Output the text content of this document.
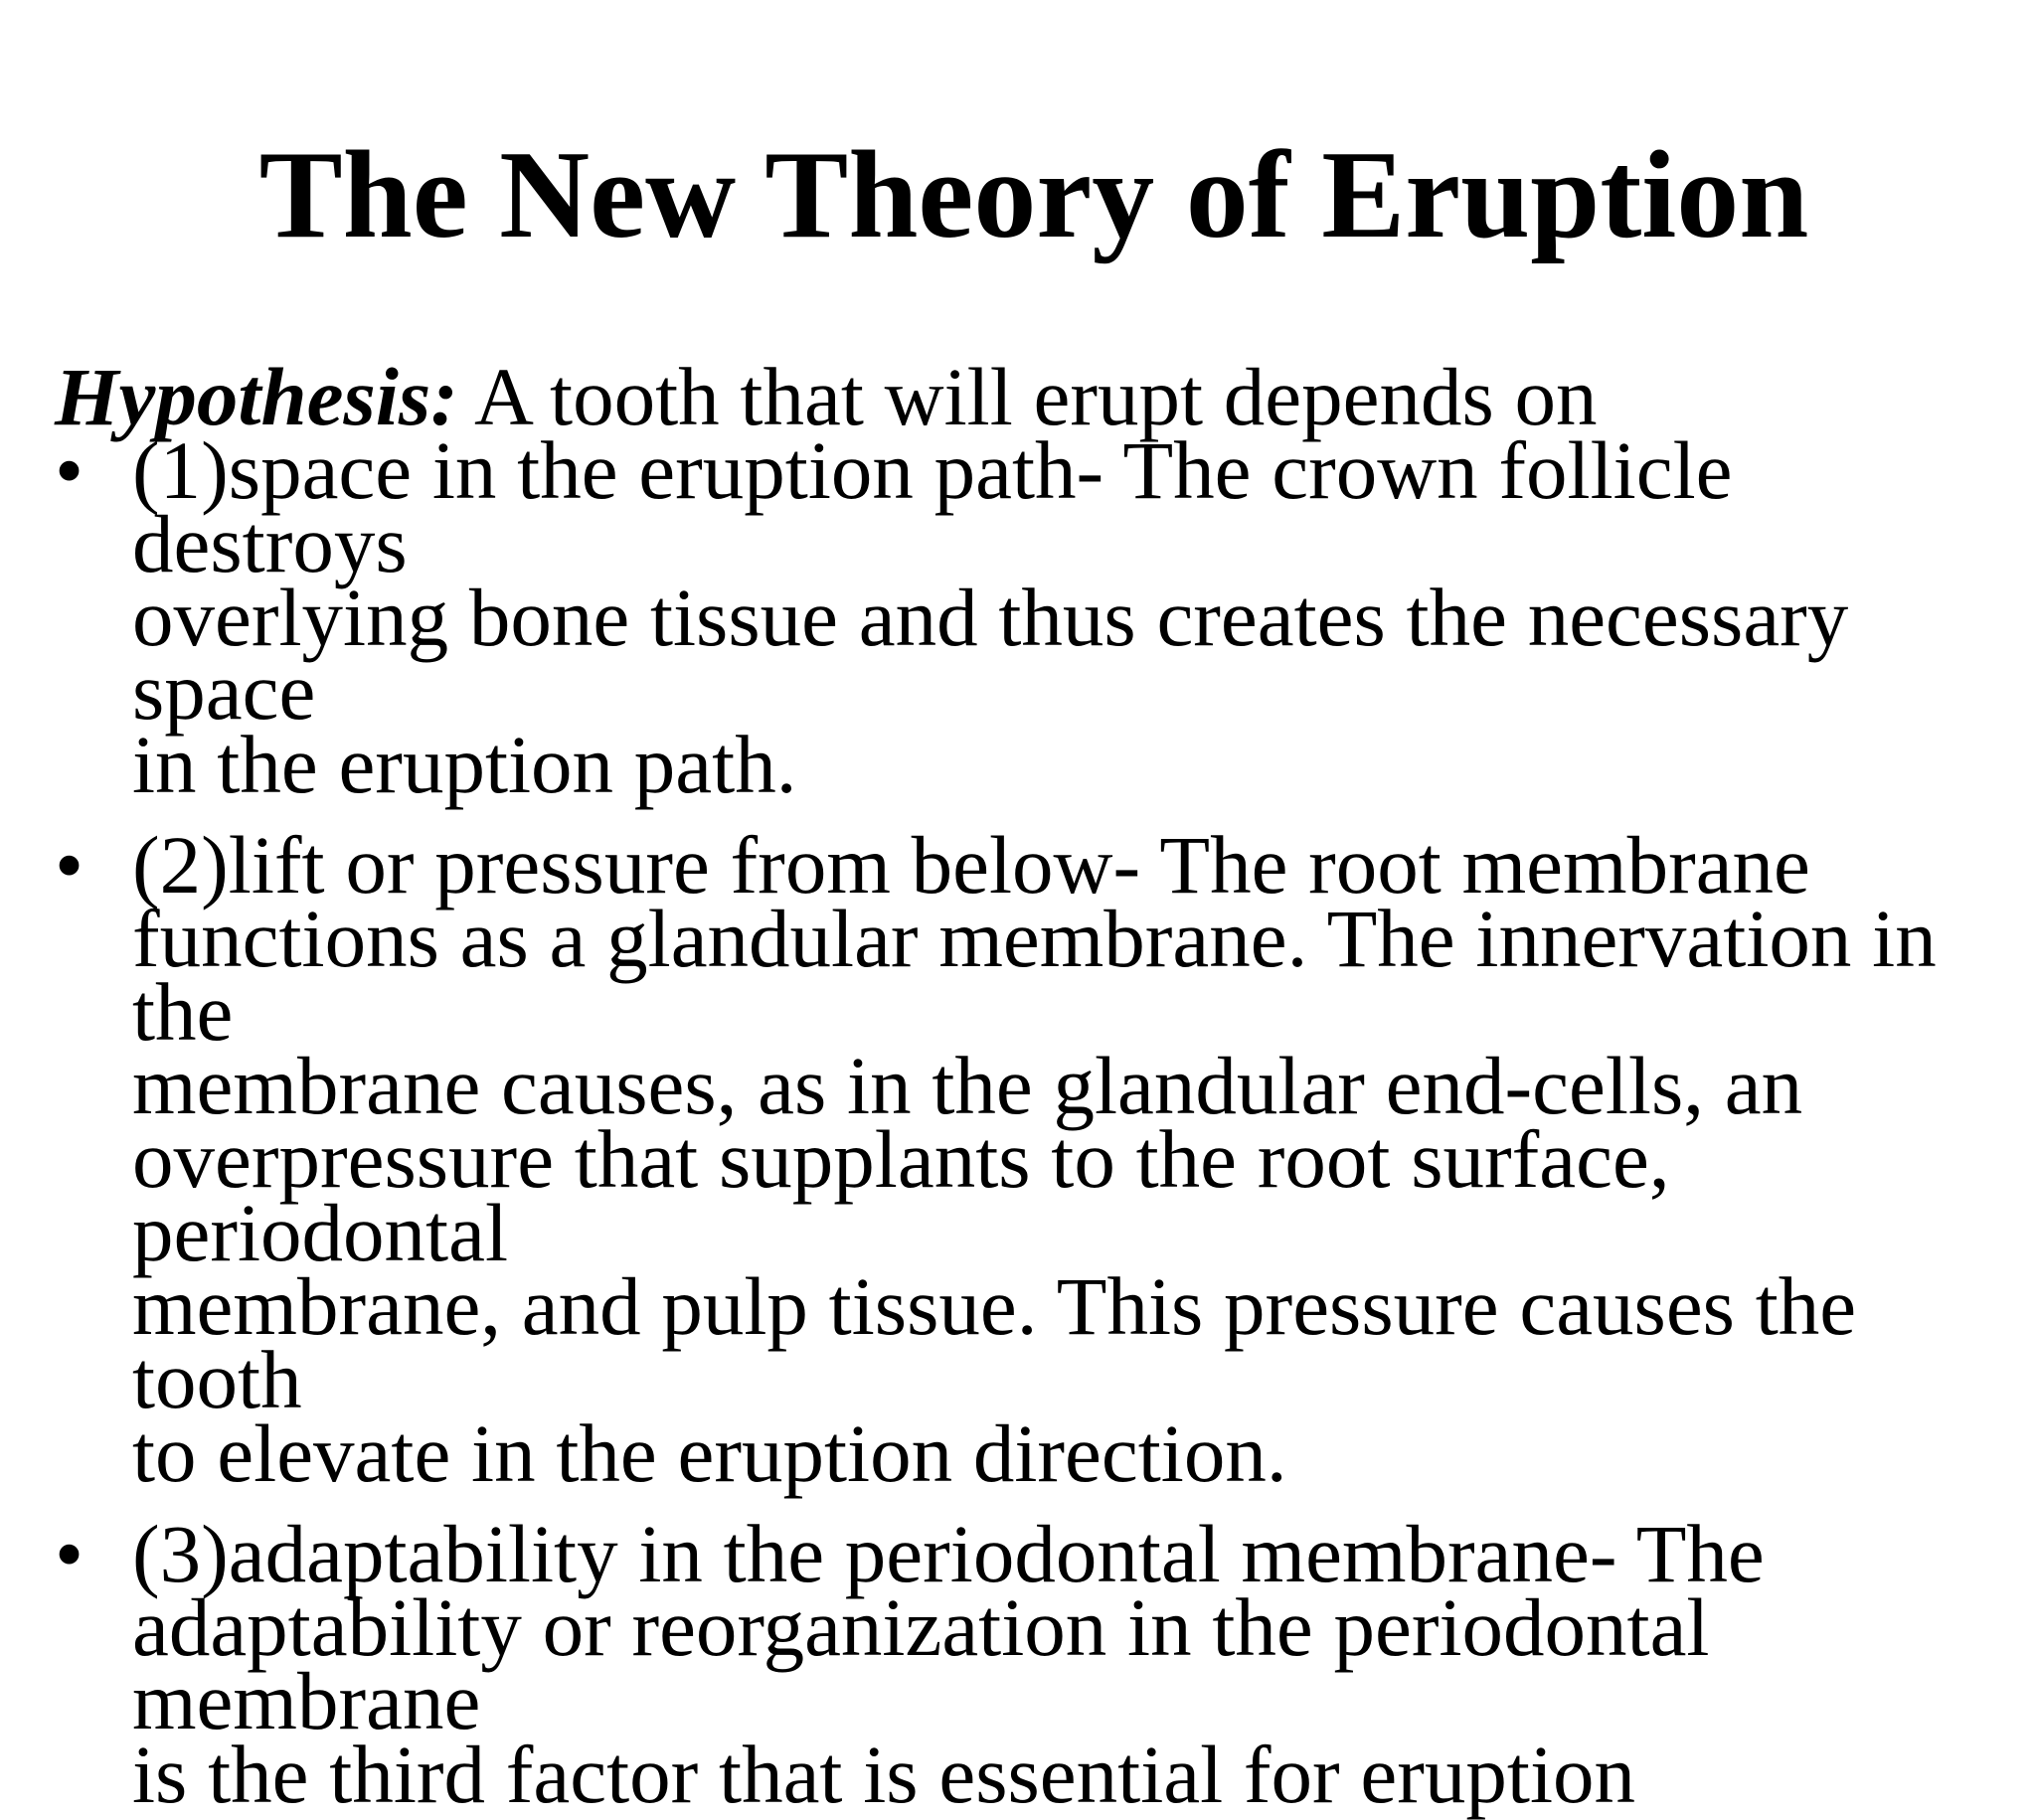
The New Theory of Eruption

Hypothesis: A tooth that will erupt depends on

• (1)space in the eruption path- The crown follicle destroys
overlying bone tissue and thus creates the necessary space
in the eruption path.
• (2)lift or pressure from below- The root membrane
functions as a glandular membrane. The innervation in the
membrane causes, as in the glandular end-cells, an
overpressure that supplants to the root surface, periodontal
membrane, and pulp tissue. This pressure causes the tooth
to elevate in the eruption direction.
• (3)adaptability in the periodontal membrane- The
adaptability or reorganization in the periodontal membrane
is the third factor that is essential for eruption
